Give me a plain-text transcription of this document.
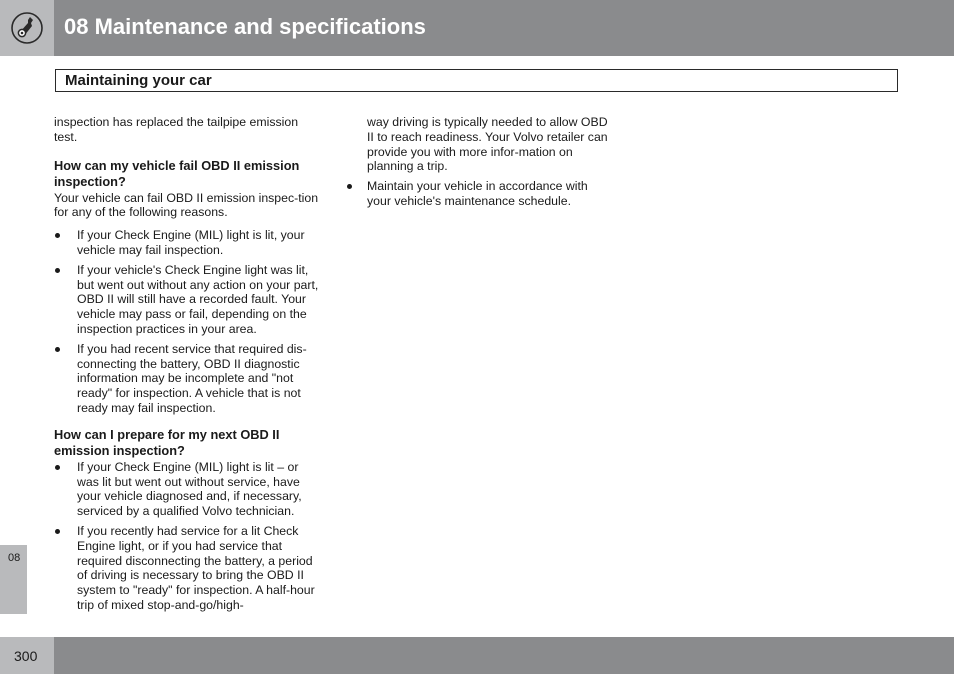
08 Maintenance and specifications
Maintaining your car

inspection has replaced the tailpipe emission test.

How can my vehicle fail OBD II emission inspection?

Your vehicle can fail OBD II emission inspec-tion for any of the following reasons.

If your Check Engine (MIL) light is lit, your vehicle may fail inspection.
If your vehicle's Check Engine light was lit, but went out without any action on your part, OBD II will still have a recorded fault. Your vehicle may pass or fail, depending on the inspection practices in your area.
If you had recent service that required dis-connecting the battery, OBD II diagnostic information may be incomplete and "not ready" for inspection. A vehicle that is not ready may fail inspection.
How can I prepare for my next OBD II emission inspection?
If your Check Engine (MIL) light is lit – or was lit but went out without service, have your vehicle diagnosed and, if necessary, serviced by a qualified Volvo technician.
If you recently had service for a lit Check Engine light, or if you had service that required disconnecting the battery, a period of driving is necessary to bring the OBD II system to "ready" for inspection. A half-hour trip of mixed stop-and-go/high-

way driving is typically needed to allow OBD II to reach readiness. Your Volvo retailer can provide you with more infor-mation on planning a trip.

Maintain your vehicle in accordance with your vehicle's maintenance schedule.
08
300
